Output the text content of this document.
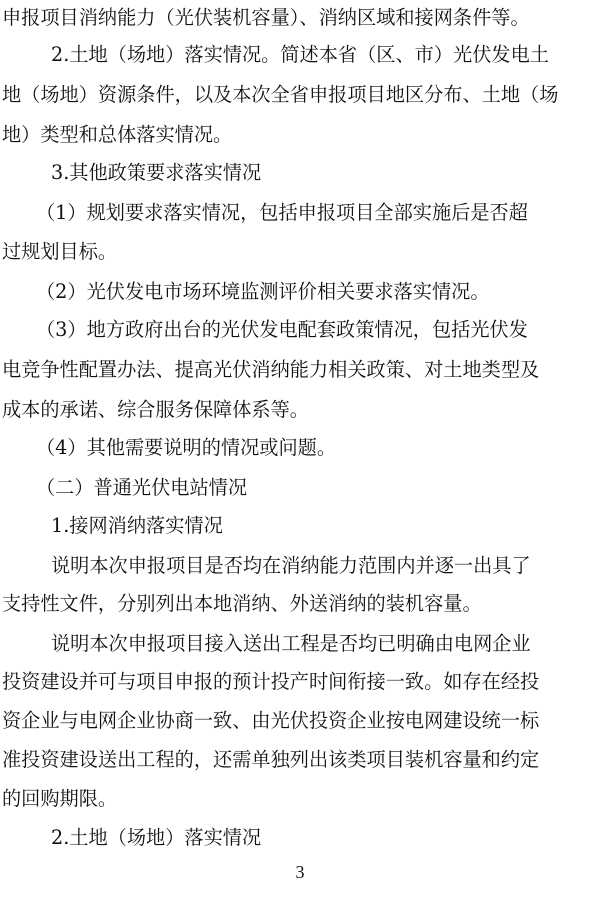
申报项目消纳能力（光伏装机容量）、消纳区域和接网条件等。
2.土地（场地）落实情况。简述本省（区、市）光伏发电土
地（场地）资源条件，以及本次全省申报项目地区分布、土地（场
地）类型和总体落实情况。
3.其他政策要求落实情况
（1）规划要求落实情况，包括申报项目全部实施后是否超
过规划目标。
（2）光伏发电市场环境监测评价相关要求落实情况。
（3）地方政府出台的光伏发电配套政策情况，包括光伏发
电竞争性配置办法、提高光伏消纳能力相关政策、对土地类型及
成本的承诺、综合服务保障体系等。
（4）其他需要说明的情况或问题。
（二）普通光伏电站情况
1.接网消纳落实情况
说明本次申报项目是否均在消纳能力范围内并逐一出具了
支持性文件，分别列出本地消纳、外送消纳的装机容量。
说明本次申报项目接入送出工程是否均已明确由电网企业
投资建设并可与项目申报的预计投产时间衔接一致。如存在经投
资企业与电网企业协商一致、由光伏投资企业按电网建设统一标
准投资建设送出工程的，还需单独列出该类项目装机容量和约定
的回购期限。
2.土地（场地）落实情况
3
